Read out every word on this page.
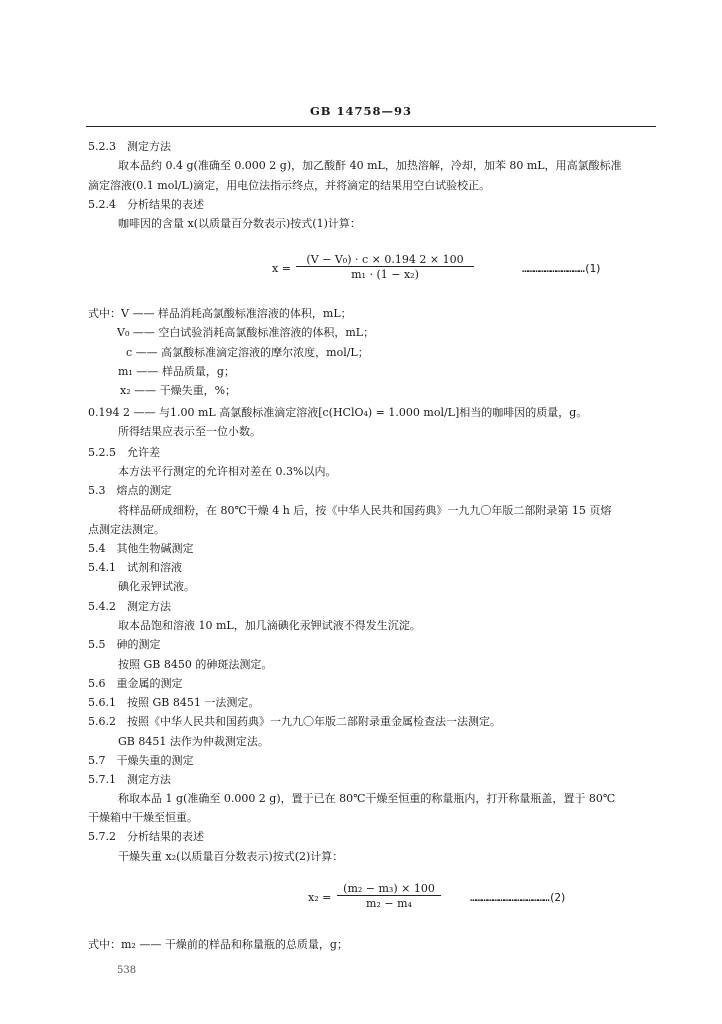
GB 14758—93
5.2.3　测定方法
取本品约 0.4 g(准确至 0.000 2 g)，加乙酸酐 40 mL，加热溶解，冷却，加苯 80 mL，用高氯酸标准
滴定溶液(0.1 mol/L)滴定，用电位法指示终点，并将滴定的结果用空白试验校正。
5.2.4　分析结果的表述
咖啡因的含量 x(以质量百分数表示)按式(1)计算：
$x = \frac{\text{(V − V₀) · c × 0.194 2 × 100}}{\text{m₁ · (1 − x₂)}}$	……………………………(1)
式中：V —— 样品消耗高氯酸标准溶液的体积，mL；
V₀ —— 空白试验消耗高氯酸标准溶液的体积，mL；
c —— 高氯酸标准滴定溶液的摩尔浓度，mol/L；
m₁ —— 样品质量，g；
x₂ —— 干燥失重，%；
0.194 2 —— 与1.00 mL 高氯酸标准滴定溶液[c(HClO₄) = 1.000 mol/L]相当的咖啡因的质量，g。
所得结果应表示至一位小数。
5.2.5　允许差
本方法平行测定的允许相对差在 0.3%以内。
5.3　熔点的测定
将样品研成细粉，在 80℃干燥 4 h 后，按《中华人民共和国药典》一九九〇年版二部附录第 15 页熔
点测定法测定。
5.4　其他生物碱测定
5.4.1　试剂和溶液
碘化汞钾试液。
5.4.2　测定方法
取本品饱和溶液 10 mL，加几滴碘化汞钾试液不得发生沉淀。
5.5　砷的测定
按照 GB 8450 的砷斑法测定。
5.6　重金属的测定
5.6.1　按照 GB 8451 一法测定。
5.6.2　按照《中华人民共和国药典》一九九〇年版二部附录重金属检查法一法测定。
GB 8451 法作为仲裁测定法。
5.7　干燥失重的测定
5.7.1　测定方法
称取本品 1 g(准确至 0.000 2 g)，置于已在 80℃干燥至恒重的称量瓶内，打开称量瓶盖，置于 80℃
干燥箱中干燥至恒重。
5.7.2　分析结果的表述
干燥失重 x₂(以质量百分数表示)按式(2)计算：
$x_2 = \frac{\text{(m₂ − m₃) × 100}}{\text{m₂ − m₄}}$	……………………………………(2)
式中：m₂ —— 干燥前的样品和称量瓶的总质量，g；
538
